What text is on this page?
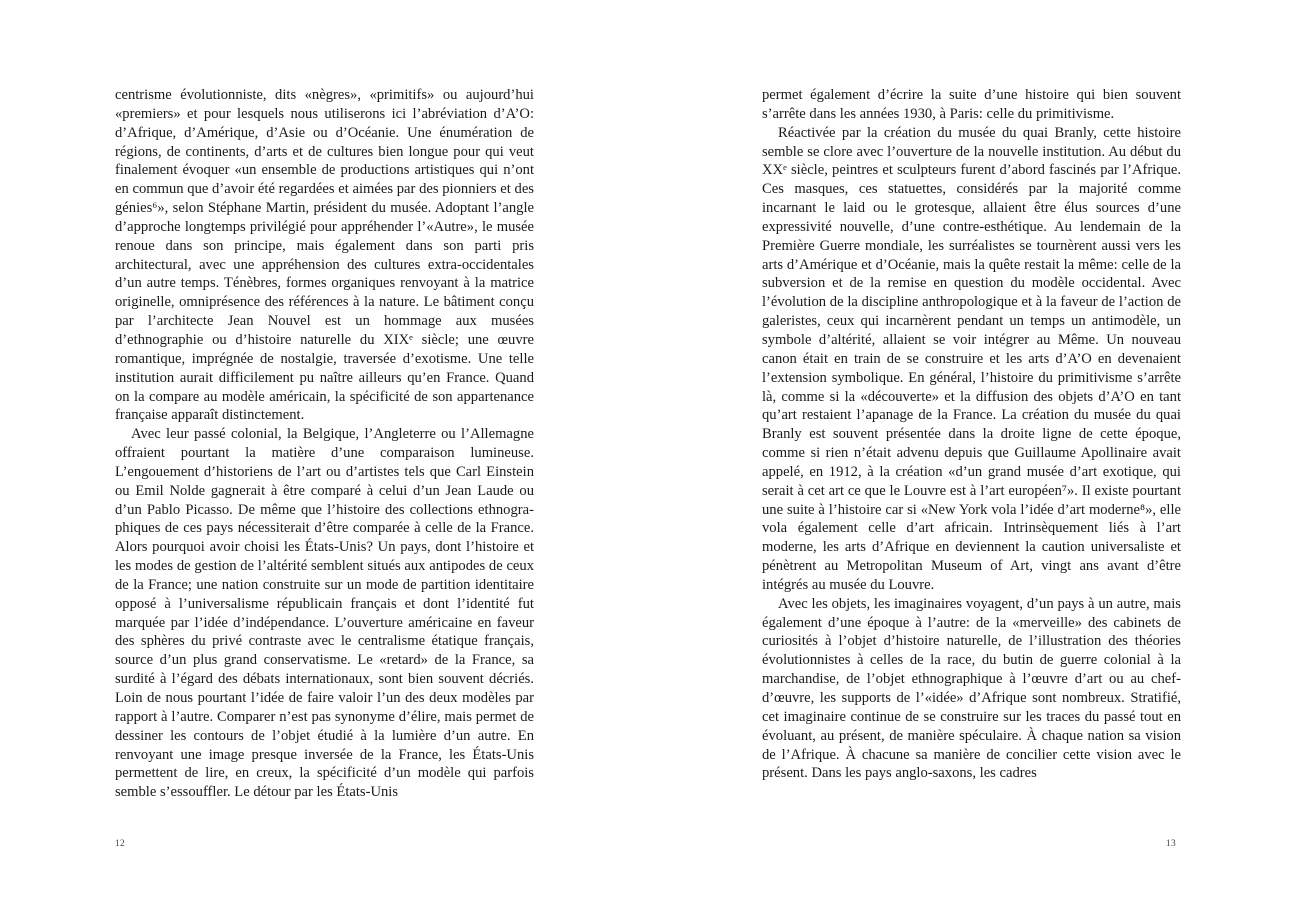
centrisme évolutionniste, dits «nègres», «primitifs» ou aujourd’hui «premiers» et pour lesquels nous utiliserons ici l’abréviation d’A’O: d’Afrique, d’Amérique, d’Asie ou d’Océanie. Une énumération de régions, de continents, d’arts et de cultures bien longue pour qui veut finalement évoquer «un ensemble de productions artistiques qui n’ont en commun que d’avoir été regardées et aimées par des pionniers et des génies⁶», selon Stéphane Martin, président du musée. Adoptant l’angle d’approche longtemps privilégié pour appréhender l’«Autre», le musée renoue dans son principe, mais également dans son parti pris architectural, avec une appréhension des cultures extra-occidentales d’un autre temps. Ténèbres, formes organiques renvoyant à la matrice originelle, omniprésence des références à la nature. Le bâtiment conçu par l’architecte Jean Nouvel est un hommage aux musées d’ethnographie ou d’histoire naturelle du XIXᵉ siècle; une œuvre romantique, imprégnée de nostalgie, traversée d’exotisme. Une telle institution aurait difficilement pu naître ailleurs qu’en France. Quand on la compare au modèle américain, la spécificité de son appartenance française apparaît distinctement.

Avec leur passé colonial, la Belgique, l’Angleterre ou l’Allemagne offraient pourtant la matière d’une comparaison lumineuse. L’engouement d’historiens de l’art ou d’artistes tels que Carl Einstein ou Emil Nolde gagnerait à être comparé à celui d’un Jean Laude ou d’un Pablo Picasso. De même que l’histoire des collections ethnographiques de ces pays nécessiterait d’être comparée à celle de la France. Alors pourquoi avoir choisi les États-Unis? Un pays, dont l’histoire et les modes de gestion de l’altérité semblent situés aux antipodes de ceux de la France; une nation construite sur un mode de partition identitaire opposé à l’universalisme républicain français et dont l’identité fut marquée par l’idée d’indépendance. L’ouverture américaine en faveur des sphères du privé contraste avec le centralisme étatique français, source d’un plus grand conservatisme. Le «retard» de la France, sa surdité à l’égard des débats internationaux, sont bien souvent décriés. Loin de nous pourtant l’idée de faire valoir l’un des deux modèles par rapport à l’autre. Comparer n’est pas synonyme d’élire, mais permet de dessiner les contours de l’objet étudié à la lumière d’un autre. En renvoyant une image presque inversée de la France, les États-Unis permettent de lire, en creux, la spécificité d’un modèle qui parfois semble s’essouffler. Le détour par les États-Unis

12

permet également d’écrire la suite d’une histoire qui bien souvent s’arrête dans les années 1930, à Paris: celle du primitivisme.

Réactivée par la création du musée du quai Branly, cette histoire semble se clore avec l’ouverture de la nouvelle institution. Au début du XXᵉ siècle, peintres et sculpteurs furent d’abord fascinés par l’Afrique. Ces masques, ces statuettes, considérés par la majorité comme incarnant le laid ou le grotesque, allaient être élus sources d’une expressivité nouvelle, d’une contre-esthétique. Au lendemain de la Première Guerre mondiale, les surréalistes se tournèrent aussi vers les arts d’Amérique et d’Océanie, mais la quête restait la même: celle de la subversion et de la remise en question du modèle occidental. Avec l’évolution de la discipline anthropologique et à la faveur de l’action de galeristes, ceux qui incarnèrent pendant un temps un antimodèle, un symbole d’altérité, allaient se voir intégrer au Même. Un nouveau canon était en train de se construire et les arts d’A’O en devenaient l’extension symbolique. En général, l’histoire du primitivisme s’arrête là, comme si la «découverte» et la diffusion des objets d’A’O en tant qu’art restaient l’apanage de la France. La création du musée du quai Branly est souvent présentée dans la droite ligne de cette époque, comme si rien n’était advenu depuis que Guillaume Apollinaire avait appelé, en 1912, à la création «d’un grand musée d’art exotique, qui serait à cet art ce que le Louvre est à l’art européen⁷». Il existe pourtant une suite à l’histoire car si «New York vola l’idée d’art moderne⁸», elle vola également celle d’art africain. Intrinsèquement liés à l’art moderne, les arts d’Afrique en deviennent la caution universaliste et pénètrent au Metropolitan Museum of Art, vingt ans avant d’être intégrés au musée du Louvre.

Avec les objets, les imaginaires voyagent, d’un pays à un autre, mais également d’une époque à l’autre: de la «merveille» des cabinets de curiosités à l’objet d’histoire naturelle, de l’illustration des théories évolutionnistes à celles de la race, du butin de guerre colonial à la marchandise, de l’objet ethnographique à l’œuvre d’art ou au chef-d’œuvre, les supports de l’«idée» d’Afrique sont nombreux. Stratifié, cet imaginaire continue de se construire sur les traces du passé tout en évoluant, au présent, de manière spéculaire. À chaque nation sa vision de l’Afrique. À chacune sa manière de concilier cette vision avec le présent. Dans les pays anglo-saxons, les cadres

13
